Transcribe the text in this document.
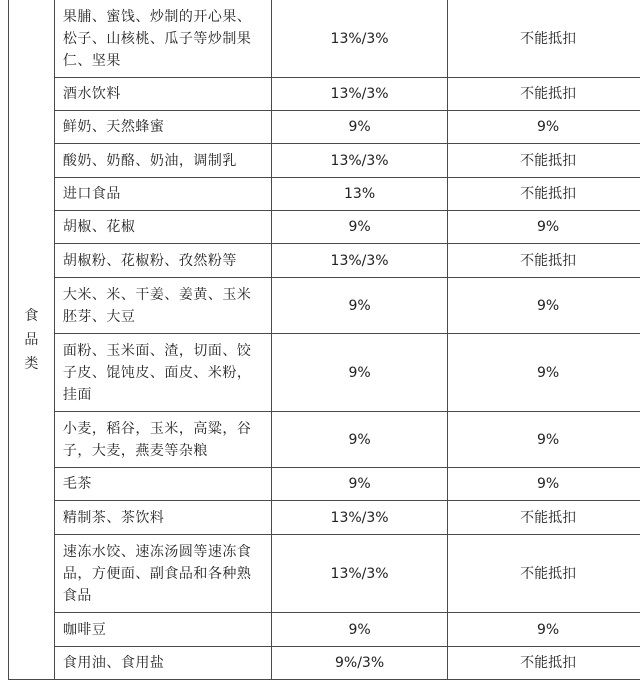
食品类	果脯、蜜饯、炒制的开心果、松子、山核桃、瓜子等炒制果仁、坚果	13%/3%	不能抵扣
	酒水饮料	13%/3%	不能抵扣
	鲜奶、天然蜂蜜	9%	9%
	酸奶、奶酪、奶油，调制乳	13%/3%	不能抵扣
	进口食品	13%	不能抵扣
	胡椒、花椒	9%	9%
	胡椒粉、花椒粉、孜然粉等	13%/3%	不能抵扣
	大米、米、干姜、姜黄、玉米胚芽、大豆	9%	9%
	面粉、玉米面、渣，切面、饺子皮、馄饨皮、面皮、米粉，挂面	9%	9%
	小麦，稻谷，玉米，高粱，谷子，大麦，燕麦等杂粮	9%	9%
	毛茶	9%	9%
	精制茶、茶饮料	13%/3%	不能抵扣
	速冻水饺、速冻汤圆等速冻食品，方便面、副食品和各种熟食品	13%/3%	不能抵扣
	咖啡豆	9%	9%
	食用油、食用盐	9%/3%	不能抵扣
